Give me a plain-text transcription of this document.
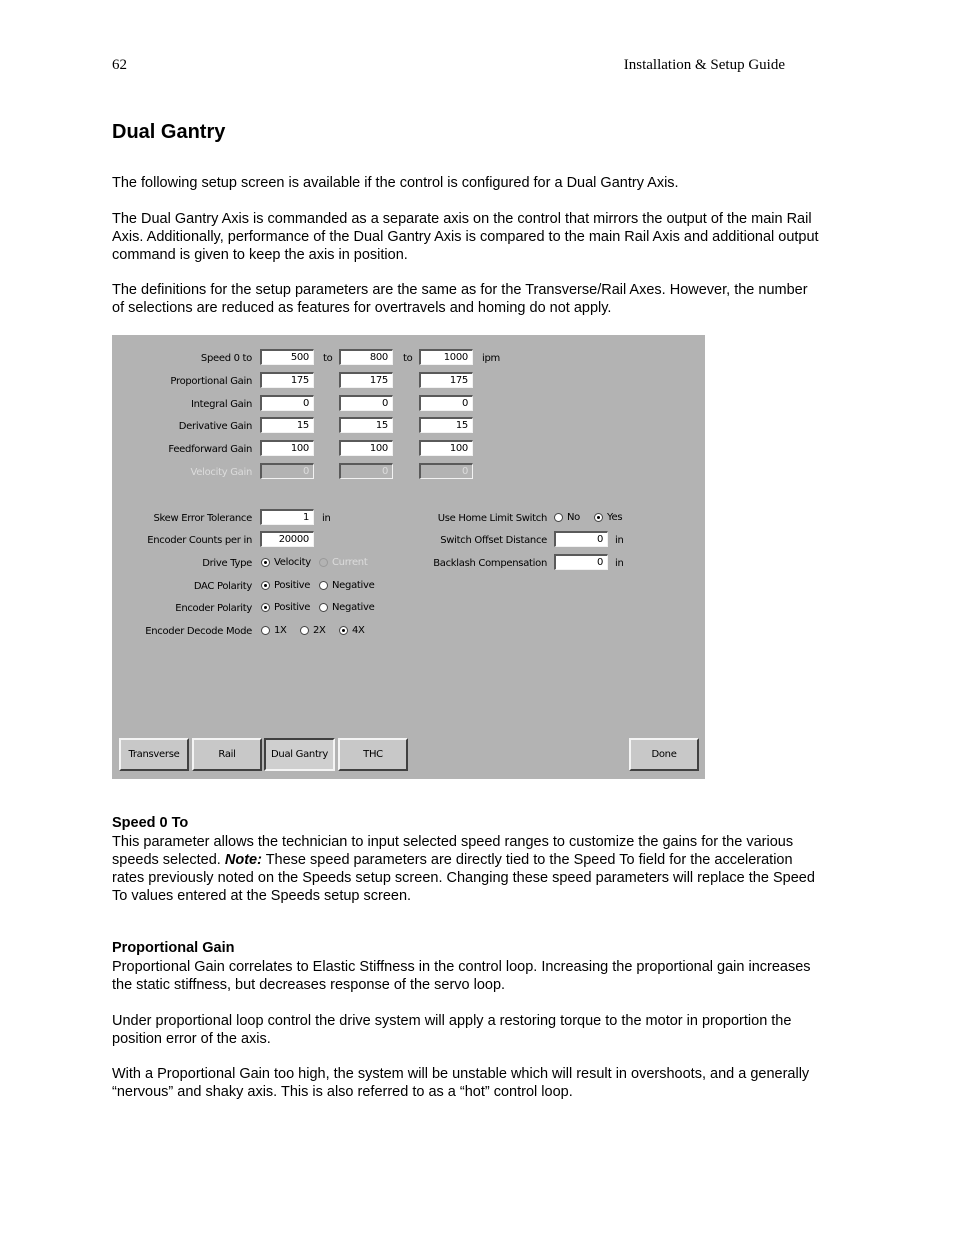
62	Installation & Setup Guide
Dual Gantry

The following setup screen is available if the control is configured for a Dual Gantry Axis.

The Dual Gantry Axis is commanded as a separate axis on the control that mirrors the output of the main Rail Axis. Additionally, performance of the Dual Gantry Axis is compared to the main Rail Axis and additional output command is given to keep the axis in position.

The definitions for the setup parameters are the same as for the Transverse/Rail Axes. However, the number of selections are reduced as features for overtravels and homing do not apply.

Speed 0 to	500	to	800	to	1000	ipm
Proportional Gain	175	175	175
Integral Gain	0	0	0
Derivative Gain	15	15	15
Feedforward Gain	100	100	100
Velocity Gain	0	0	0
Skew Error Tolerance	1	in
Encoder Counts per in	20000
Drive Type Velocity Current
DAC Polarity Positive Negative
Encoder Polarity Positive Negative
Encoder Decode Mode 1X	2X	4X
Use Home Limit Switch No	Yes
Switch Offset Distance	0	in
Backlash Compensation	0	in
Transverse	Rail	Dual Gantry	THC	Done
Speed 0 To

This parameter allows the technician to input selected speed ranges to customize the gains for the various speeds selected. Note: These speed parameters are directly tied to the Speed To field for the acceleration rates previously noted on the Speeds setup screen. Changing these speed parameters will replace the Speed To values entered at the Speeds setup screen.

Proportional Gain

Proportional Gain correlates to Elastic Stiffness in the control loop. Increasing the proportional gain increases the static stiffness, but decreases response of the servo loop.

Under proportional loop control the drive system will apply a restoring torque to the motor in proportion the position error of the axis.

With a Proportional Gain too high, the system will be unstable which will result in overshoots, and a generally “nervous” and shaky axis. This is also referred to as a “hot” control loop.
